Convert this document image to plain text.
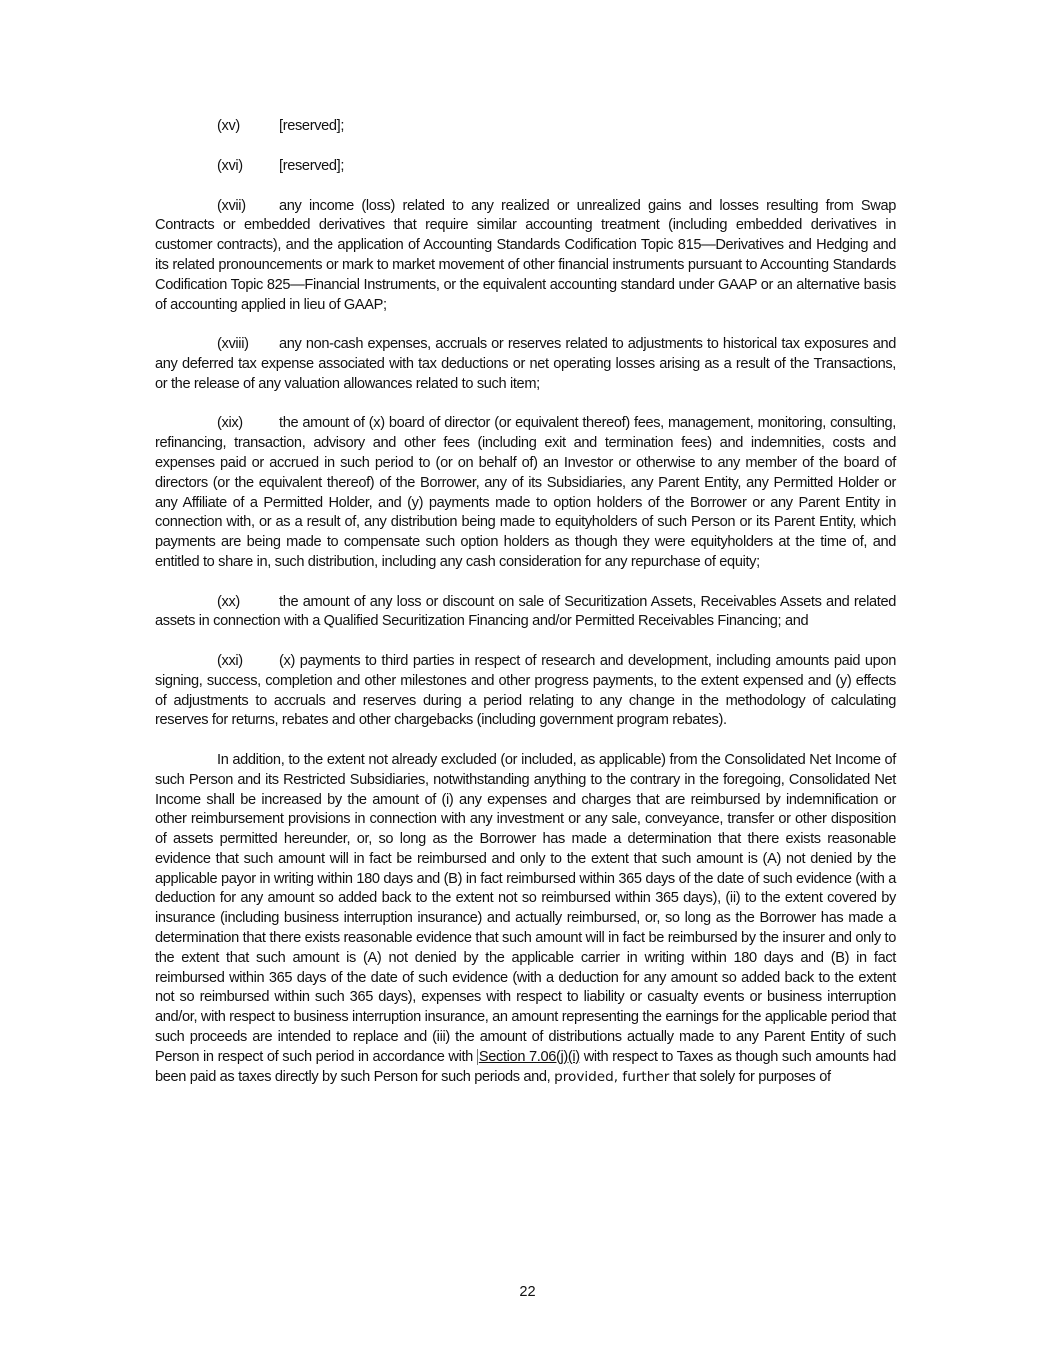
(xv)	[reserved];
(xvi) [reserved];

(xvii) any income (loss) related to any realized or unrealized gains and losses resulting from Swap Contracts or embedded derivatives that require similar accounting treatment (including embedded derivatives in customer contracts), and the application of Accounting Standards Codification Topic 815—Derivatives and Hedging and its related pronouncements or mark to market movement of other financial instruments pursuant to Accounting Standards Codification Topic 825—Financial Instruments, or the equivalent accounting standard under GAAP or an alternative basis of accounting applied in lieu of GAAP;

(xviii) any non-cash expenses, accruals or reserves related to adjustments to historical tax exposures and any deferred tax expense associated with tax deductions or net operating losses arising as a result of the Transactions, or the release of any valuation allowances related to such item;

(xix) the amount of (x) board of director (or equivalent thereof) fees, management, monitoring, consulting, refinancing, transaction, advisory and other fees (including exit and termination fees) and indemnities, costs and expenses paid or accrued in such period to (or on behalf of) an Investor or otherwise to any member of the board of directors (or the equivalent thereof) of the Borrower, any of its Subsidiaries, any Parent Entity, any Permitted Holder or any Affiliate of a Permitted Holder, and (y) payments made to option holders of the Borrower or any Parent Entity in connection with, or as a result of, any distribution being made to equityholders of such Person or its Parent Entity, which payments are being made to compensate such option holders as though they were equityholders at the time of, and entitled to share in, such distribution, including any cash consideration for any repurchase of equity;

(xx)	the amount of any loss or discount on sale of Securitization Assets, Receivables Assets and related assets in connection with a Qualified Securitization Financing and/or Permitted Receivables Financing; and

(xxi) (x) payments to third parties in respect of research and development, including amounts paid upon signing, success, completion and other milestones and other progress payments, to the extent expensed and (y) effects of adjustments to accruals and reserves during a period relating to any change in the methodology of calculating reserves for returns, rebates and other chargebacks (including government program rebates).

In addition, to the extent not already excluded (or included, as applicable) from the Consolidated Net Income of such Person and its Restricted Subsidiaries, notwithstanding anything to the contrary in the foregoing, Consolidated Net Income shall be increased by the amount of (i) any expenses and charges that are reimbursed by indemnification or other reimbursement provisions in connection with any investment or any sale, conveyance, transfer or other disposition of assets permitted hereunder, or, so long as the Borrower has made a determination that there exists reasonable evidence that such amount will in fact be reimbursed and only to the extent that such amount is (A) not denied by the applicable payor in writing within 180 days and (B) in fact reimbursed within 365 days of the date of such evidence (with a deduction for any amount so added back to the extent not so reimbursed within 365 days), (ii) to the extent covered by insurance (including business interruption insurance) and actually reimbursed, or, so long as the Borrower has made a determination that there exists reasonable evidence that such amount will in fact be reimbursed by the insurer and only to the extent that such amount is (A) not denied by the applicable carrier in writing within 180 days and (B) in fact reimbursed within 365 days of the date of such evidence (with a deduction for any amount so added back to the extent not so reimbursed within such 365 days), expenses with respect to liability or casualty events or business interruption and/or, with respect to business interruption insurance, an amount representing the earnings for the applicable period that such proceeds are intended to replace and (iii) the amount of distributions actually made to any Parent Entity of such Person in respect of such period in accordance with Section 7.06(j)(i) with respect to Taxes as though such amounts had been paid as taxes directly by such Person for such periods and, provided, further that solely for purposes of

22
